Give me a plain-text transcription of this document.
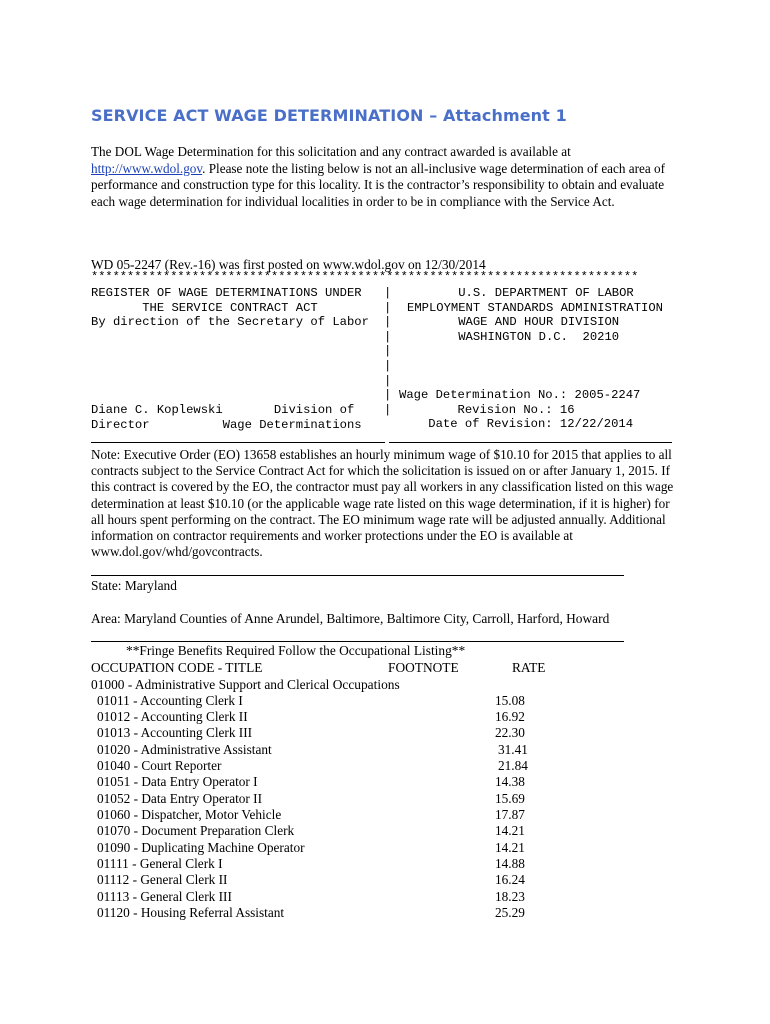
SERVICE ACT WAGE DETERMINATION – Attachment 1
The DOL Wage Determination for this solicitation and any contract awarded is available at http://www.wdol.gov. Please note the listing below is not an all-inclusive wage determination of each area of performance and construction type for this locality. It is the contractor’s responsibility to obtain and evaluate each wage determination for individual localities in order to be in compliance with the Service Act.
WD 05-2247 (Rev.-16) was first posted on www.wdol.gov on 12/30/2014
****************************************************************************
REGISTER OF WAGE DETERMINATIONS UNDER
THE SERVICE CONTRACT ACT
By direction of the Secretary of Labor
|
|
|
|
|
|
|
|
|
U.S. DEPARTMENT OF LABOR
EMPLOYMENT STANDARDS ADMINISTRATION
WAGE AND HOUR DIVISION
WASHINGTON D.C.  20210
Wage Determination No.: 2005-2247
Revision No.: 16
Date of Revision: 12/22/2014
Diane C. Koplewski       Division of
Director          Wage Determinations
Note: Executive Order (EO) 13658 establishes an hourly minimum wage of $10.10 for 2015 that applies to all contracts subject to the Service Contract Act for which the solicitation is issued on or after January 1, 2015. If this contract is covered by the EO, the contractor must pay all workers in any classification listed on this wage determination at least $10.10 (or the applicable wage rate listed on this wage determination, if it is higher) for all hours spent performing on the contract. The EO minimum wage rate will be adjusted annually. Additional information on contractor requirements and worker protections under the EO is available at www.dol.gov/whd/govcontracts.
State: Maryland
Area: Maryland Counties of Anne Arundel, Baltimore, Baltimore City, Carroll, Harford, Howard
**Fringe Benefits Required Follow the Occupational Listing**
OCCUPATION CODE - TITLE	FOOTNOTE	RATE
01000 - Administrative Support and Clerical Occupations
01011 - Accounting Clerk I	15.08
01012 - Accounting Clerk II	16.92
01013 - Accounting Clerk III	22.30
01020 - Administrative Assistant	31.41
01040 - Court Reporter	21.84
01051 - Data Entry Operator I	14.38
01052 - Data Entry Operator II	15.69
01060 - Dispatcher, Motor Vehicle	17.87
01070 - Document Preparation Clerk	14.21
01090 - Duplicating Machine Operator	14.21
01111 - General Clerk I	14.88
01112 - General Clerk II	16.24
01113 - General Clerk III	18.23
01120 - Housing Referral Assistant	25.29
